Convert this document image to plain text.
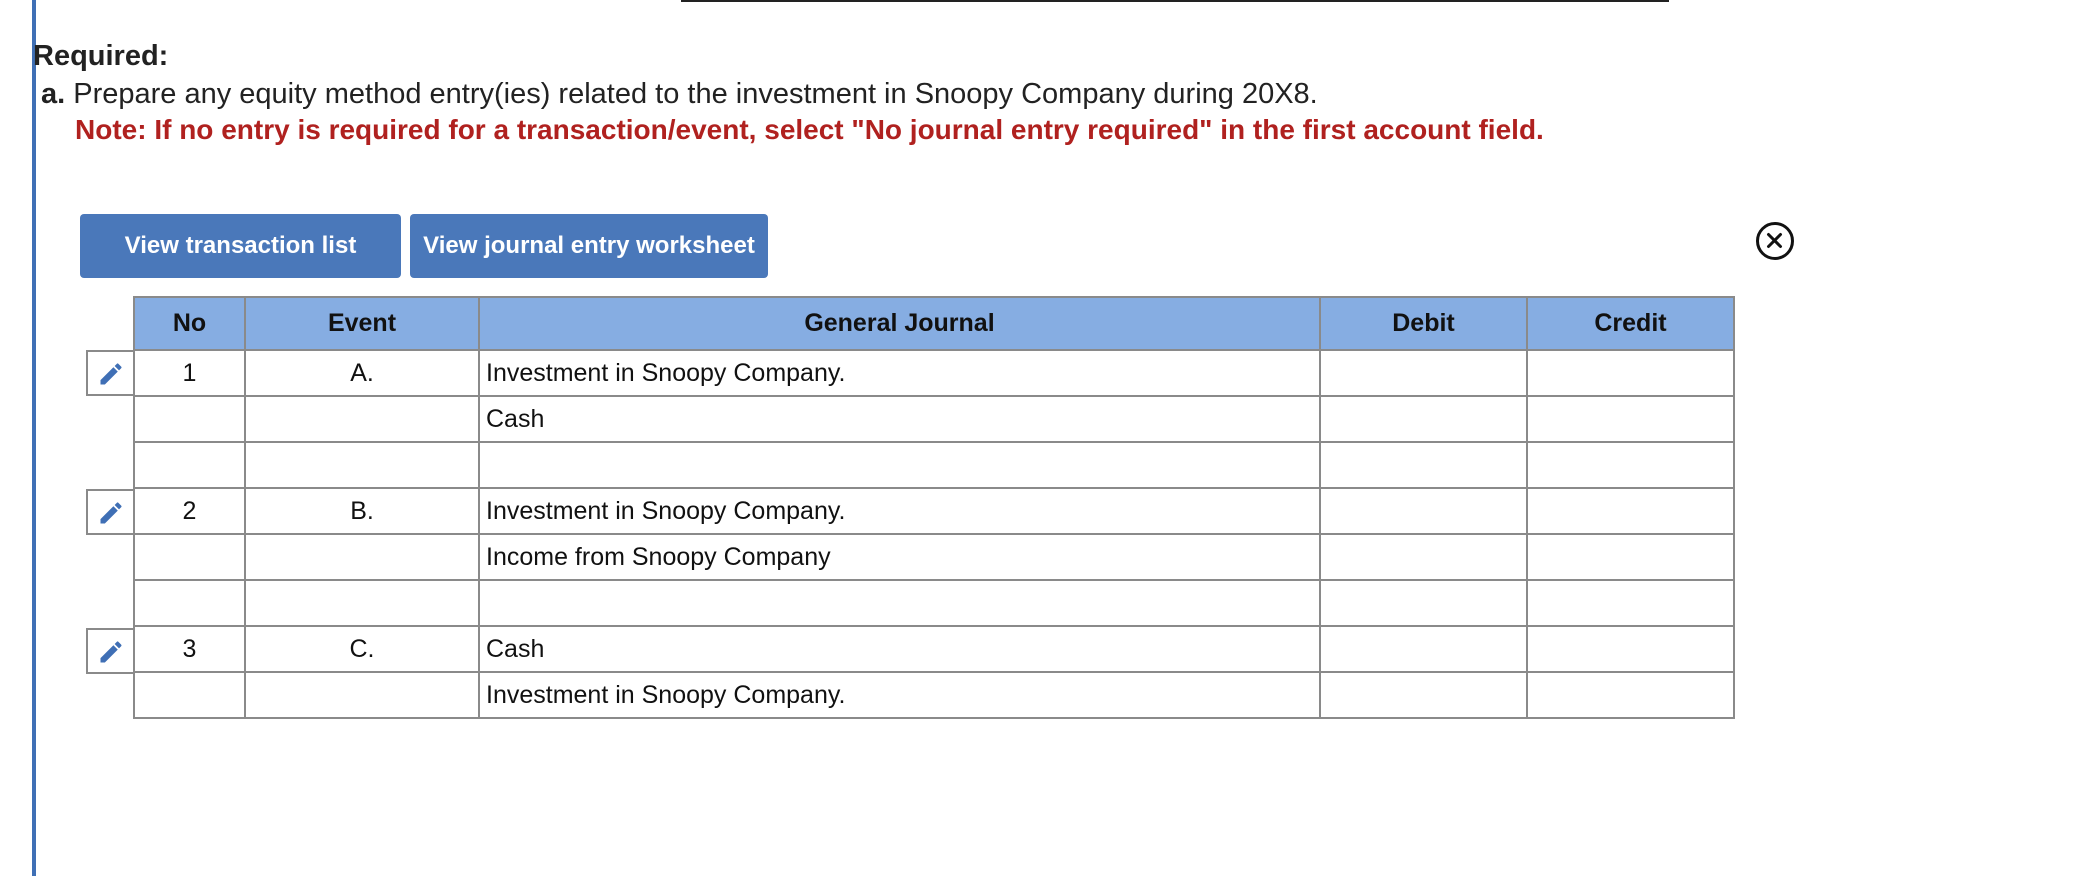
Required:
a. Prepare any equity method entry(ies) related to the investment in Snoopy Company during 20X8.
Note: If no entry is required for a transaction/event, select "No journal entry required" in the first account field.
View transaction list	View journal entry worksheet
No	Event	General Journal	Debit	Credit
1	A.	Investment in Snoopy Company.		
		Cash		

2	B.	Investment in Snoopy Company.		
		Income from Snoopy Company		

3	C.	Cash		
		Investment in Snoopy Company.		
